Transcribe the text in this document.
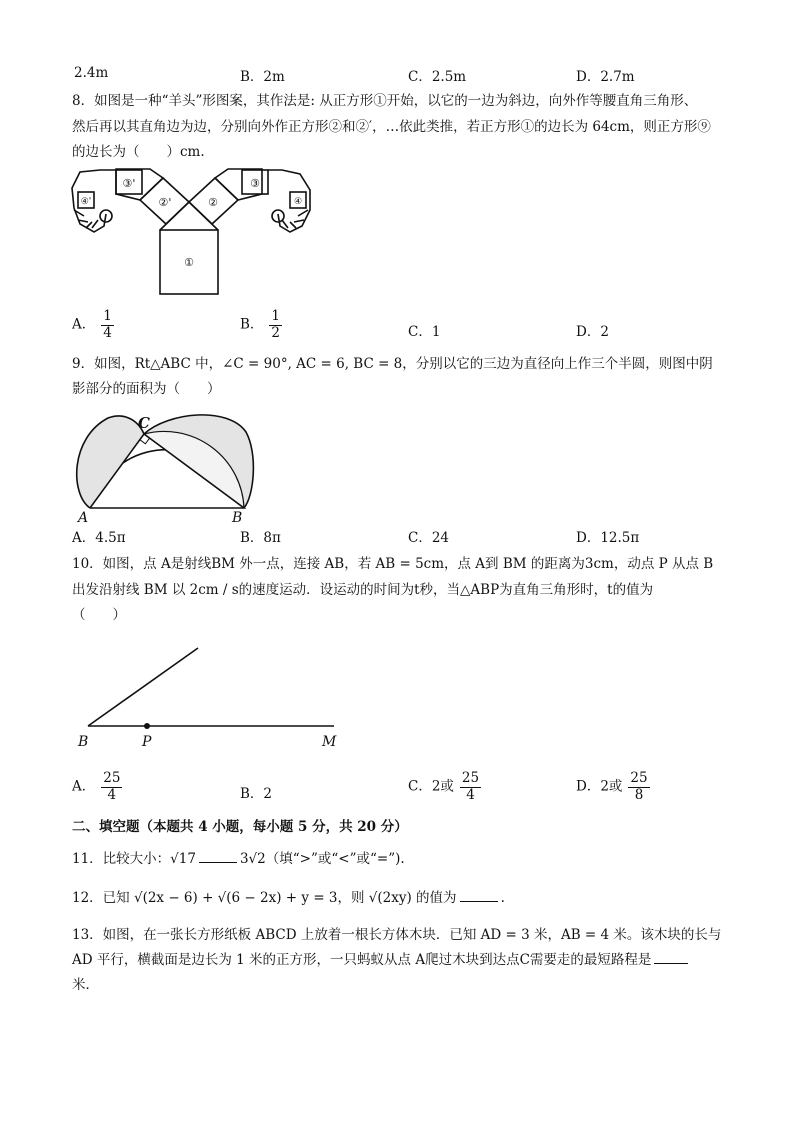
2.4m	B．2m	C．2.5m	D．2.7m
8．如图是一种“羊头”形图案，其作法是: 从正方形①开始，以它的一边为斜边，向外作等腰直角三角形、
然后再以其直角边为边，分别向外作正方形②和②′，…依此类推，若正方形①的边长为 64cm，则正方形⑨
的边长为（　　）cm.
①
②
②'
③
③'
④
④'
A． $\frac{1}{4}$	B． $\frac{1}{2}$	C．1	D．2
9．如图，Rt△ABC 中，∠C = 90°, AC = 6, BC = 8，分别以它的三边为直径向上作三个半圆，则图中阴
影部分的面积为（　　）
C
A	B
A．4.5π	B．8π	C．24	D．12.5π
10．如图，点 A是射线BM 外一点，连接 AB，若 AB = 5cm，点 A到 BM 的距离为3cm，动点 P 从点 B
出发沿射线 BM 以 2cm / s的速度运动．设运动的时间为t秒，当△ABP为直角三角形时，t的值为
（　　）
B	P	M
A． $\frac{25}{4}$	B．2	C．2或 $\frac{25}{4}$	D．2或 $\frac{25}{8}$
二、填空题（本题共 4 小题，每小题 5 分，共 20 分）
11．比较大小：√17	3√2（填“>”或“<”或“=”).
12．已知 √(2x − 6) + √(6 − 2x) + y = 3，则 √(2xy) 的值为	.
13．如图，在一张长方形纸板 ABCD 上放着一根长方体木块．已知 AD = 3 米，AB = 4 米。该木块的长与
AD 平行，横截面是边长为 1 米的正方形，一只蚂蚁从点 A爬过木块到达点C需要走的最短路程是
米．
